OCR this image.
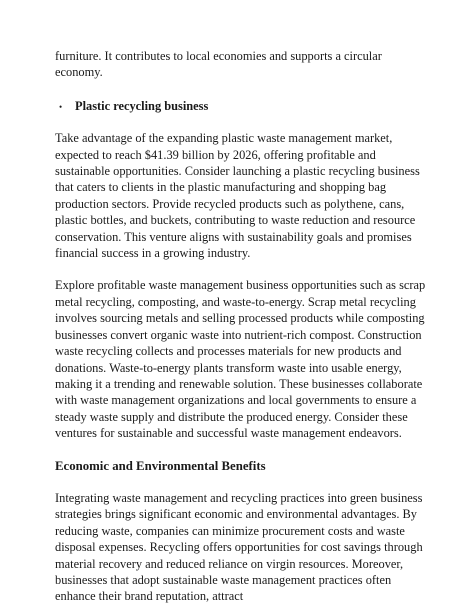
furniture. It contributes to local economies and supports a circular economy.

•	Plastic recycling business

Take advantage of the expanding plastic waste management market, expected to reach $41.39 billion by 2026, offering profitable and sustainable opportunities. Consider launching a plastic recycling business that caters to clients in the plastic manufacturing and shopping bag production sectors. Provide recycled products such as polythene, cans, plastic bottles, and buckets, contributing to waste reduction and resource conservation. This venture aligns with sustainability goals and promises financial success in a growing industry.

Explore profitable waste management business opportunities such as scrap metal recycling, composting, and waste-to-energy. Scrap metal recycling involves sourcing metals and selling processed products while composting businesses convert organic waste into nutrient-rich compost. Construction waste recycling collects and processes materials for new products and donations. Waste-to-energy plants transform waste into usable energy, making it a trending and renewable solution. These businesses collaborate with waste management organizations and local governments to ensure a steady waste supply and distribute the produced energy. Consider these ventures for sustainable and successful waste management endeavors.

Economic and Environmental Benefits

Integrating waste management and recycling practices into green business strategies brings significant economic and environmental advantages. By reducing waste, companies can minimize procurement costs and waste disposal expenses. Recycling offers opportunities for cost savings through material recovery and reduced reliance on virgin resources. Moreover, businesses that adopt sustainable waste management practices often enhance their brand reputation, attract
